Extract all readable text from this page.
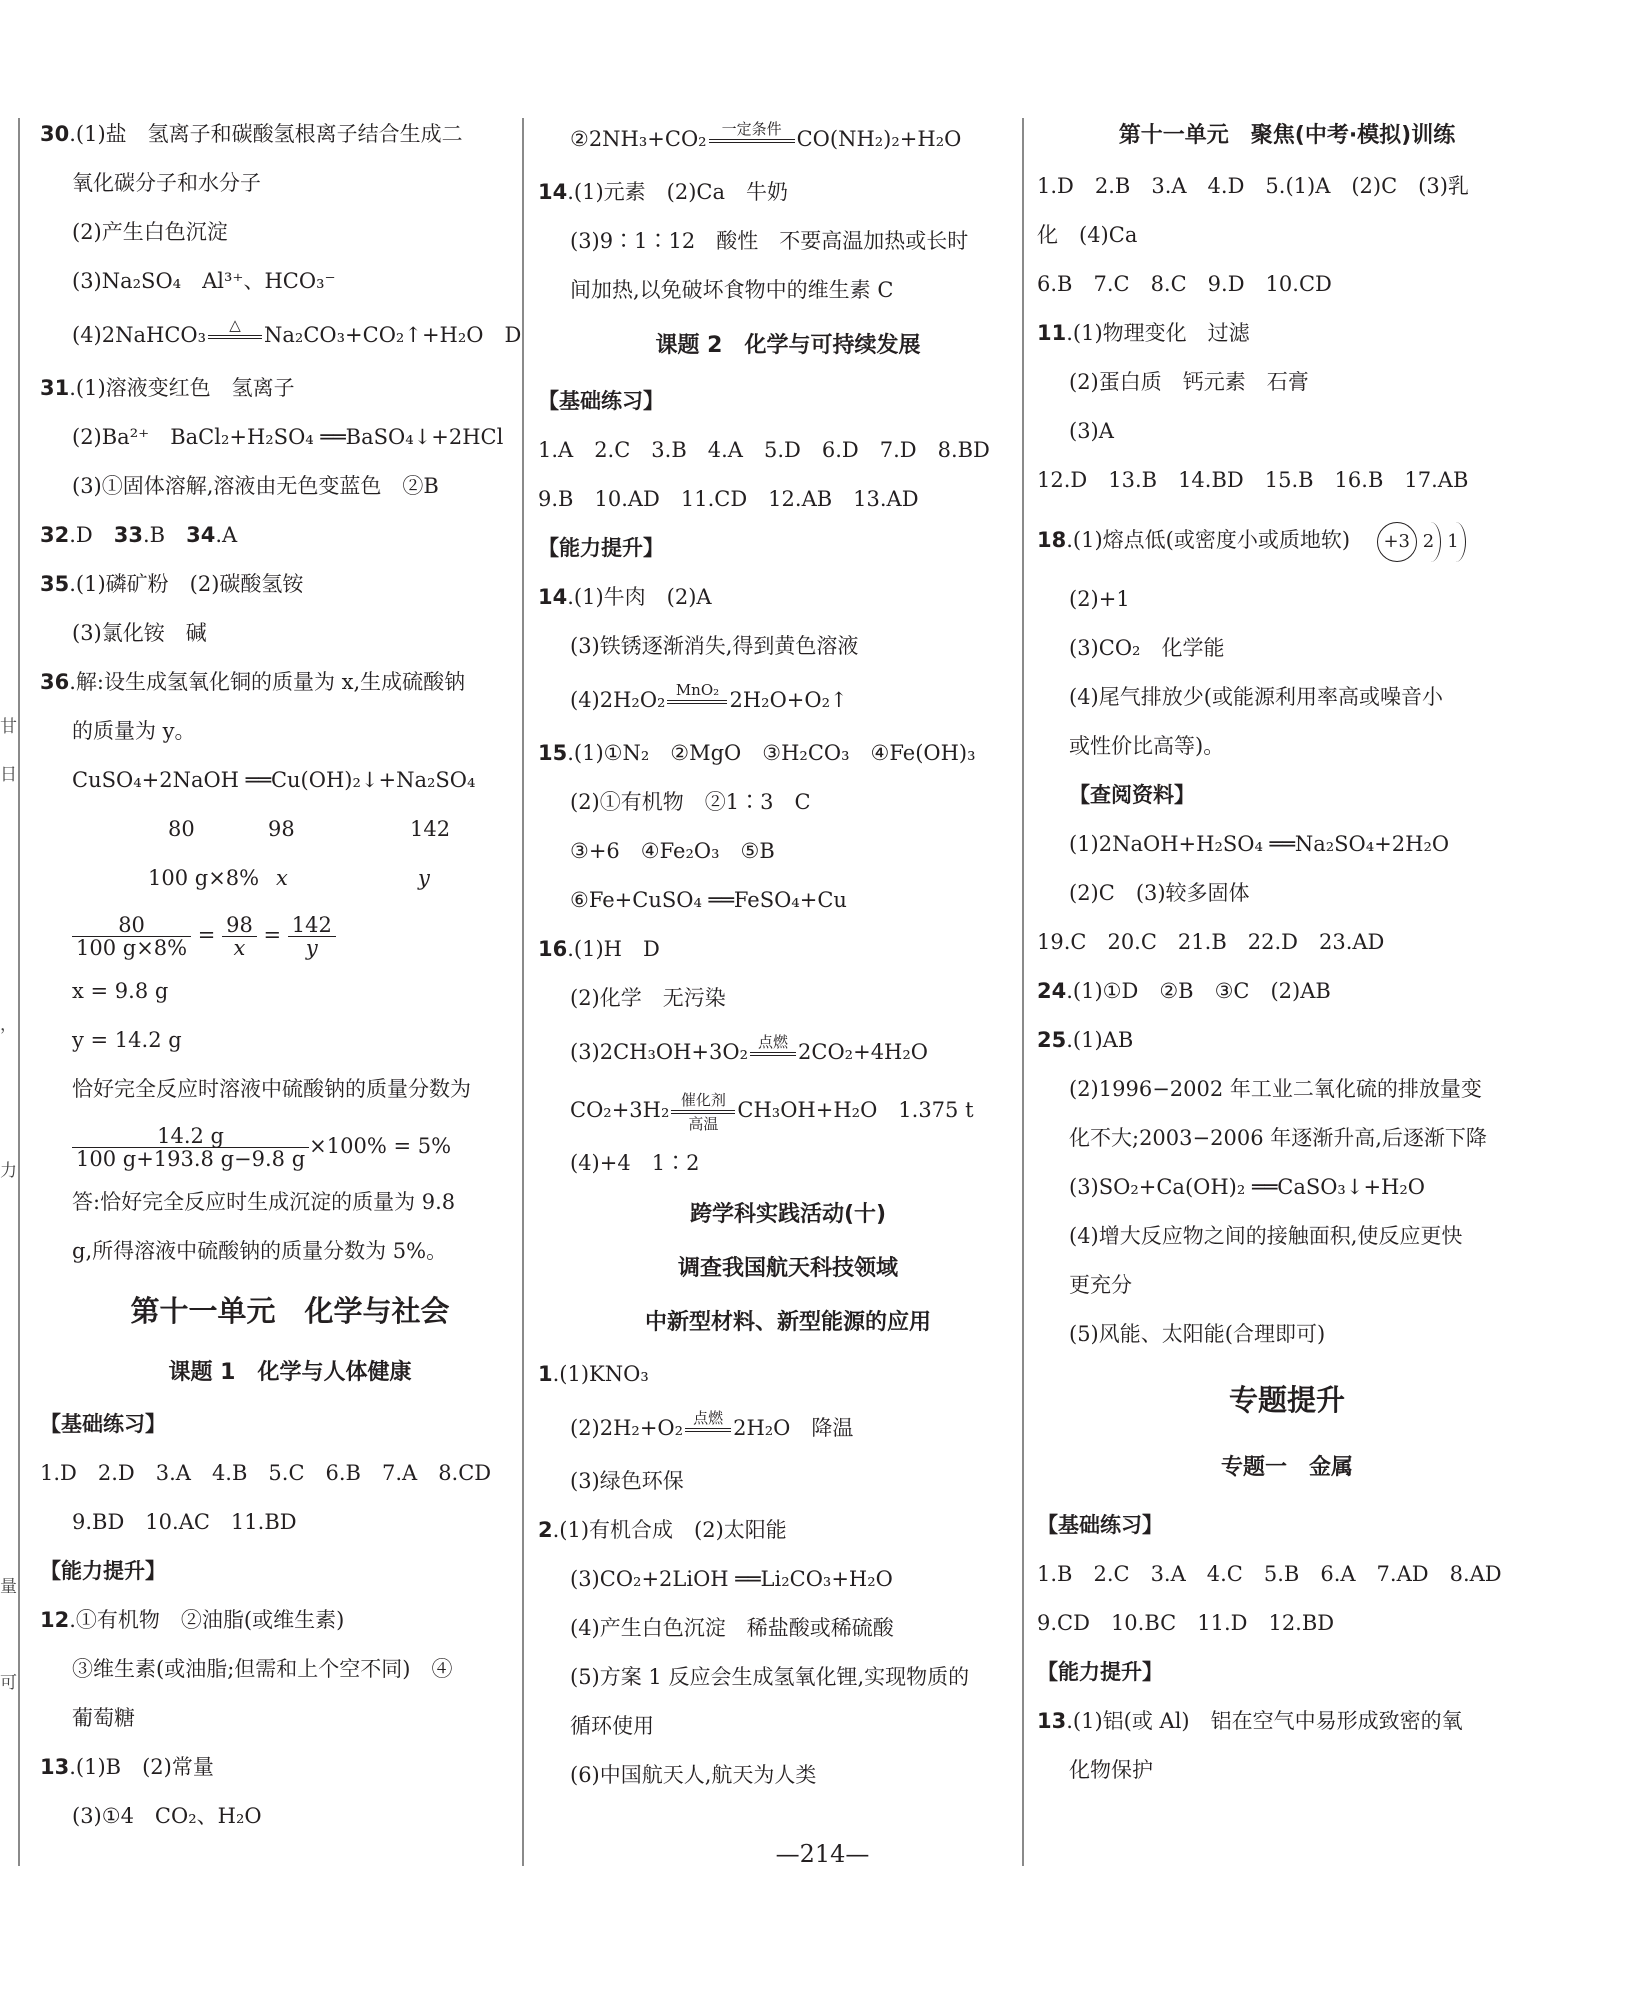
甘
日
，
力
量
可
30.(1)盐　氢离子和碳酸氢根离子结合生成二
氧化碳分子和水分子
(2)产生白色沉淀
(3)Na₂SO₄　Al³⁺、HCO₃⁻
(4)2NaHCO₃	△	Na₂CO₃+CO₂↑+H₂O　D
31.(1)溶液变红色　氢离子
(2)Ba²⁺　BaCl₂+H₂SO₄ ══BaSO₄↓+2HCl
(3)①固体溶解,溶液由无色变蓝色　②B
32.D　 33.B　 34.A
35.(1)磷矿粉　(2)碳酸氢铵
(3)氯化铵　碱
36.解:设生成氢氧化铜的质量为 x,生成硫酸钠
的质量为 y。
CuSO₄+2NaOH ══Cu(OH)₂↓+Na₂SO₄
80	98	142
100 g×8% x	y
$\frac{80}{100 g\times 8\%} = \frac{98}{x} = \frac{142}{y}$
x = 9.8 g
y = 14.2 g
恰好完全反应时溶液中硫酸钠的质量分数为
$\frac{14.2 g}{100 g+193.8 g-9.8 g} \times 100\% = 5\%$
答:恰好完全反应时生成沉淀的质量为 9.8
g,所得溶液中硫酸钠的质量分数为 5%。
第十一单元　化学与社会
课题 1　化学与人体健康
【基础练习】
1.D　2.D　3.A　4.B　5.C　6.B　7.A　8.CD
9.BD　10.AC　11.BD
【能力提升】
12.①有机物　②油脂(或维生素)
③维生素(或油脂;但需和上个空不同)　④
葡萄糖
13.(1)B　(2)常量
(3)①4　CO₂、H₂O
②2NH₃+CO₂ 一定条件 CO(NH₂)₂+H₂O
14.(1)元素　(2)Ca　牛奶
(3)9∶1∶12　酸性　不要高温加热或长时
间加热,以免破坏食物中的维生素 C
课题 2　化学与可持续发展
【基础练习】
1.A　2.C　3.B　4.A　5.D　6.D　7.D　8.BD
9.B　10.AD　11.CD　12.AB　13.AD
【能力提升】
14.(1)牛肉　(2)A
(3)铁锈逐渐消失,得到黄色溶液
(4)2H₂O₂ MnO₂ 2H₂O+O₂↑
15.(1)①N₂　②MgO　③H₂CO₃　④Fe(OH)₃
(2)①有机物　②1∶3　C
③+6　④Fe₂O₃　⑤B
⑥Fe+CuSO₄ ══FeSO₄+Cu
16.(1)H　D
(2)化学　无污染
(3)2CH₃OH+3O₂ 点燃 2CO₂+4H₂O
CO₂+3H₂ 催化剂
高温
CH₃OH+H₂O　1.375 t
(4)+4　1∶2
跨学科实践活动(十)
调查我国航天科技领域
中新型材料、新型能源的应用
1.(1)KNO₃
(2)2H₂+O₂ 点燃 2H₂O　降温
(3)绿色环保
2.(1)有机合成　(2)太阳能
(3)CO₂+2LiOH ══Li₂CO₃+H₂O
(4)产生白色沉淀　稀盐酸或稀硫酸
(5)方案 1 反应会生成氢氧化锂,实现物质的
循环使用
(6)中国航天人,航天为人类
第十一单元　聚焦(中考·模拟)训练
1.D　2.B　3.A　4.D　5.(1)A　(2)C　(3)乳
化　(4)Ca
6.B　7.C　8.C　9.D　10.CD
11.(1)物理变化　过滤
(2)蛋白质　钙元素　石膏
(3)A
12.D　13.B　14.BD　15.B　16.B　17.AB
18.(1)熔点低(或密度小或质地软)	+3 2 1
(2)+1
(3)CO₂　化学能
(4)尾气排放少(或能源利用率高或噪音小
或性价比高等)。
【查阅资料】
(1)2NaOH+H₂SO₄ ══Na₂SO₄+2H₂O
(2)C　(3)较多固体
19.C　20.C　21.B　22.D　23.AD
24.(1)①D　②B　③C　(2)AB
25.(1)AB
(2)1996−2002 年工业二氧化硫的排放量变
化不大;2003−2006 年逐渐升高,后逐渐下降
(3)SO₂+Ca(OH)₂ ══CaSO₃↓+H₂O
(4)增大反应物之间的接触面积,使反应更快
更充分
(5)风能、太阳能(合理即可)
专题提升
专题一　金属
【基础练习】
1.B　2.C　3.A　4.C　5.B　6.A　7.AD　8.AD
9.CD　10.BC　11.D　12.BD
【能力提升】
13.(1)铝(或 Al)　铝在空气中易形成致密的氧
化物保护
—214—
